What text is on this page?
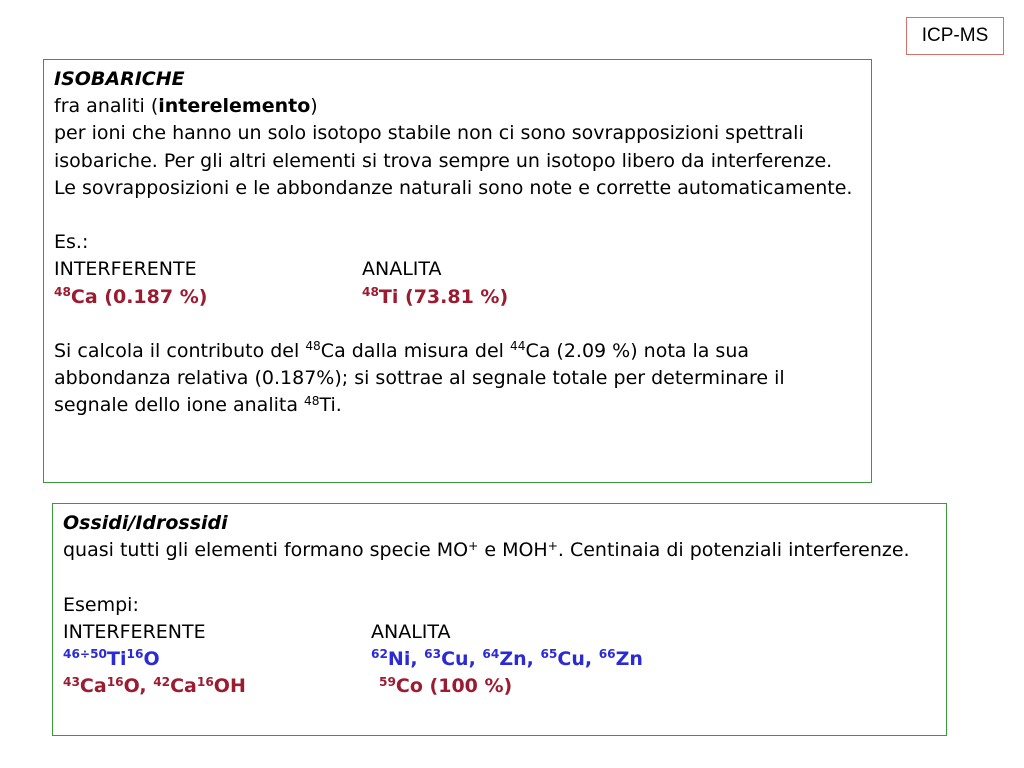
ICP-MS

ISOBARICHE

fra analiti (interelemento)

per ioni che hanno un solo isotopo stabile non ci sono sovrapposizioni spettrali isobariche. Per gli altri elementi si trova sempre un isotopo libero da interferenze.

Le sovrapposizioni e le abbondanze naturali sono note e corrette automaticamente.

Es.:

INTERFERENTE	ANALITA
$^{48}$Ca (0.187 %)	$^{48}$Ti (73.81 %)

Si calcola il contributo del $^{48}$Ca dalla misura del $^{44}$Ca (2.09 %) nota la sua abbondanza relativa (0.187%); si sottrae al segnale totale per determinare il segnale dello ione analita $^{48}$Ti.

Ossidi/Idrossidi

quasi tutti gli elementi formano specie MO+ e MOH+. Centinaia di potenziali interferenze.

Esempi:

INTERFERENTE	ANALITA
$^{46\div 50}$Ti$^{16}$O	$^{62}$Ni, $^{63}$Cu, $^{64}$Zn, $^{65}$Cu, $^{66}$Zn
$^{43}$Ca$^{16}$O, $^{42}$Ca$^{16}$OH	$^{59}$Co (100 %)
